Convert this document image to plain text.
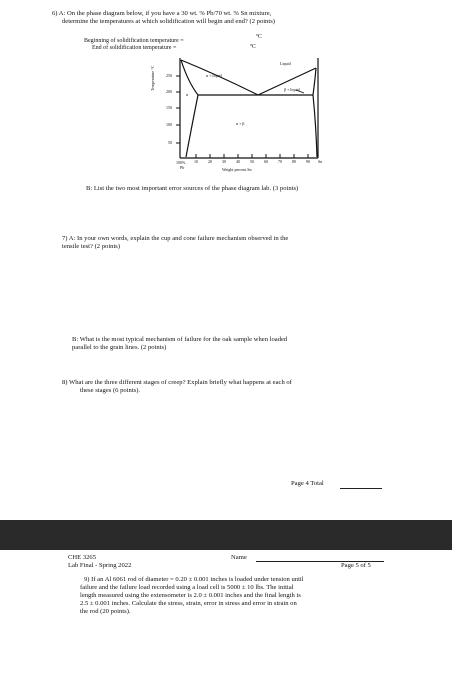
6) A: On the phase diagram below, if you have a 30 wt. % Pb/70 wt. % Sn mixture,
determine the temperatures at which solidification will begin and end? (2 points)
Beginning of solidification temperature =
ºC
End of solidification temperature =	ºC
250
200
150
100
50
Temperature °C
10	20	30	40	50	60	70	80	90
100%
Pb
Sn
Weight percent Sn
Liquid
α + liquid
β + liquid
α
α + β
B: List the two most important error sources of the phase diagram lab. (3 points)
7) A: In your own words, explain the cup and cone failure mechanism observed in the
tensile test? (2 points)
B: What is the most typical mechanism of failure for the oak sample when loaded
parallel to the grain lines. (2 points)
8) What are the three different stages of creep? Explain briefly what happens at each of
these stages (6 points).
Page 4 Total
CHE 3265
Lab Final - Spring 2022
Name
Page 5 of 5
9) If an Al 6061 rod of diameter = 0.20 ± 0.001 inches is loaded under tension until
failure and the failure load recorded using a load cell is 5000 ± 10 lbs. The initial
length measured using the extensometer is 2.0 ± 0.001 inches and the final length is
2.5 ± 0.001 inches. Calculate the stress, strain, error in stress and error in strain on
the rod (20 points).
